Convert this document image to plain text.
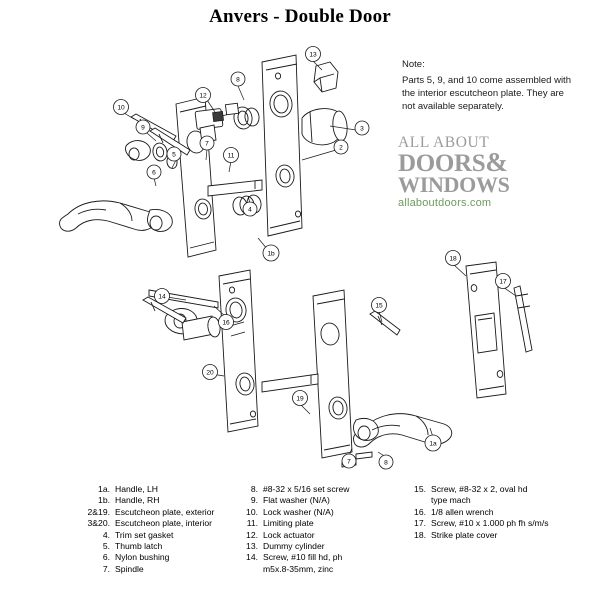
Anvers - Double Door
Note:
Parts 5, 9, and 10 come assembled with the interior escutcheon plate. They are not available separately.
ALL ABOUT
DOORS&
WINDOWS
allaboutdoors.com
13
8
12
10
9	3
7
11
5
6
2
4
1b
14
18
17
15
16
20
19
1a
8
7
1a. Handle, LH
1b. Handle, RH
2&19. Escutcheon plate, exterior
3&20. Escutcheon plate, interior
4. Trim set gasket
5. Thumb latch
6. Nylon bushing
7. Spindle
8. #8-32 x 5/16 set screw
9. Flat washer (N/A)
10. Lock washer (N/A)
11. Limiting plate
12. Lock actuator
13. Dummy cylinder
14. Screw, #10 fill hd, ph
m5x.8-35mm, zinc
15. Screw, #8-32 x 2, oval hd
type mach
16. 1/8 allen wrench
17. Screw, #10 x 1.000 ph fh s/m/s
18. Strike plate cover
